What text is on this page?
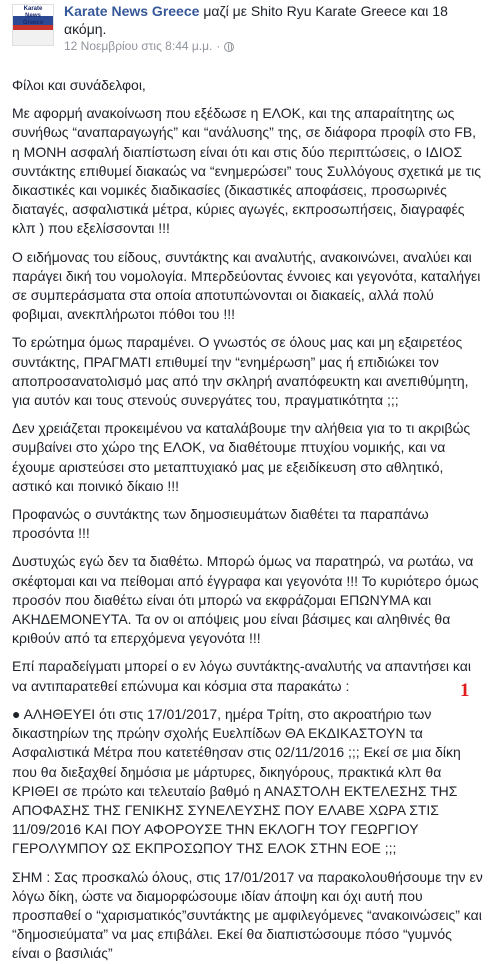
Karate News Greece
Karate News Greece μαζί με Shito Ryu Karate Greece και 18 ακόμη.
12 Νοεμβρίου στις 8:44 μ.μ. ·

Φίλοι και συνάδελφοι,

Με αφορμή ανακοίνωση που εξέδωσε η ΕΛΟΚ, και της απαραίτητης ως συνήθως “αναπαραγωγής” και “ανάλυσης” της, σε διάφορα προφίλ στο FB, η ΜΟΝΗ ασφαλή διαπίστωση είναι ότι και στις δύο περιπτώσεις, ο ΙΔΙΟΣ συντάκτης επιθυμεί διακαώς να “ενημερώσει” τους Συλλόγους σχετικά με τις δικαστικές και νομικές διαδικασίες (δικαστικές αποφάσεις, προσωρινές διαταγές, ασφαλιστικά μέτρα, κύριες αγωγές, εκπροσωπήσεις, διαγραφές κλπ ) που εξελίσσονται !!!

Ο ειδήμονας του είδους, συντάκτης και αναλυτής, ανακοινώνει, αναλύει και παράγει δική του νομολογία. Μπερδεύοντας έννοιες και γεγονότα, καταλήγει σε συμπεράσματα στα οποία αποτυπώνονται οι διακαείς, αλλά πολύ φοβιμαι, ανεκπλήρωτοι πόθοι του !!!

Το ερώτημα όμως παραμένει. Ο γνωστός σε όλους μας και μη εξαιρετέος συντάκτης, ΠΡΑΓΜΑΤΙ επιθυμεί την “ενημέρωση” μας ή επιδιώκει τον αποπροσανατολισμό μας από την σκληρή αναπόφευκτη και ανεπιθύμητη, για αυτόν και τους στενούς συνεργάτες του, πραγματικότητα ;;;

Δεν χρειάζεται προκειμένου να καταλάβουμε την αλήθεια για το τι ακριβώς συμβαίνει στο χώρο της ΕΛΟΚ, να διαθέτουμε πτυχίου νομικής, και να έχουμε αριστεύσει στο μεταπτυχιακό μας με εξειδίκευση στο αθλητικό, αστικό και ποινικό δίκαιο !!!

Προφανώς ο συντάκτης των δημοσιευμάτων διαθέτει τα παραπάνω προσόντα !!!

Δυστυχώς εγώ δεν τα διαθέτω. Μπορώ όμως να παρατηρώ, να ρωτάω, να σκέφτομαι και να πείθομαι από έγγραφα και γεγονότα !!! Το κυριότερο όμως προσόν που διαθέτω είναι ότι μπορώ να εκφράζομαι ΕΠΩΝΥΜΑ και ΑΚΗΔΕΜΟΝΕΥΤΑ. Τα ον οι απόψεις μου είναι βάσιμες και αληθινές θα κριθούν από τα επερχόμενα γεγονότα !!!

Επί παραδείγματι μπορεί ο εν λόγω συντάκτης-αναλυτής να απαντήσει και να αντιπαρατεθεί επώνυμα και κόσμια στα παρακάτω :

● ΑΛΗΘΕΥΕΙ ότι στις 17/01/2017, ημέρα Τρίτη, στο ακροατήριο των δικαστηρίων της πρώην σχολής Ευελπίδων ΘΑ ΕΚΔΙΚΑΣΤΟΥΝ τα Ασφαλιστικά Μέτρα που κατετέθησαν στις 02/11/2016 ;;; Εκεί σε μια δίκη που θα διεξαχθεί δημόσια με μάρτυρες, δικηγόρους, πρακτικά κλπ θα ΚΡΙΘΕΙ σε πρώτο και τελευταίο βαθμό η ΑΝΑΣΤΟΛΗ ΕΚΤΕΛΕΣΗΣ ΤΗΣ ΑΠΟΦΑΣΗΣ ΤΗΣ ΓΕΝΙΚΗΣ ΣΥΝΕΛΕΥΣΗΣ ΠΟΥ ΕΛΑΒΕ ΧΩΡΑ ΣΤΙΣ 11/09/2016 ΚΑΙ ΠΟΥ ΑΦΟΡΟΥΣΕ ΤΗΝ ΕΚΛΟΓΗ ΤΟΥ ΓΕΩΡΓΙΟΥ ΓΕΡΟΛΥΜΠΟΥ ΩΣ ΕΚΠΡΟΣΩΠΟΥ ΤΗΣ ΕΛΟΚ ΣΤΗΝ ΕΟΕ ;;;

ΣΗΜ : Σας προσκαλώ όλους, στις 17/01/2017 να παρακολουθήσουμε την εν λόγω δίκη, ώστε να διαμορφώσουμε ιδίαν άποψη και όχι αυτή που προσπαθεί ο “χαρισματικός”συντάκτης με αμφιλεγόμενες “ανακοινώσεις” και “δημοσιεύματα” να μας επιβάλει. Εκεί θα διαπιστώσουμε πόσο “γυμνός είναι ο βασιλιάς”

1
